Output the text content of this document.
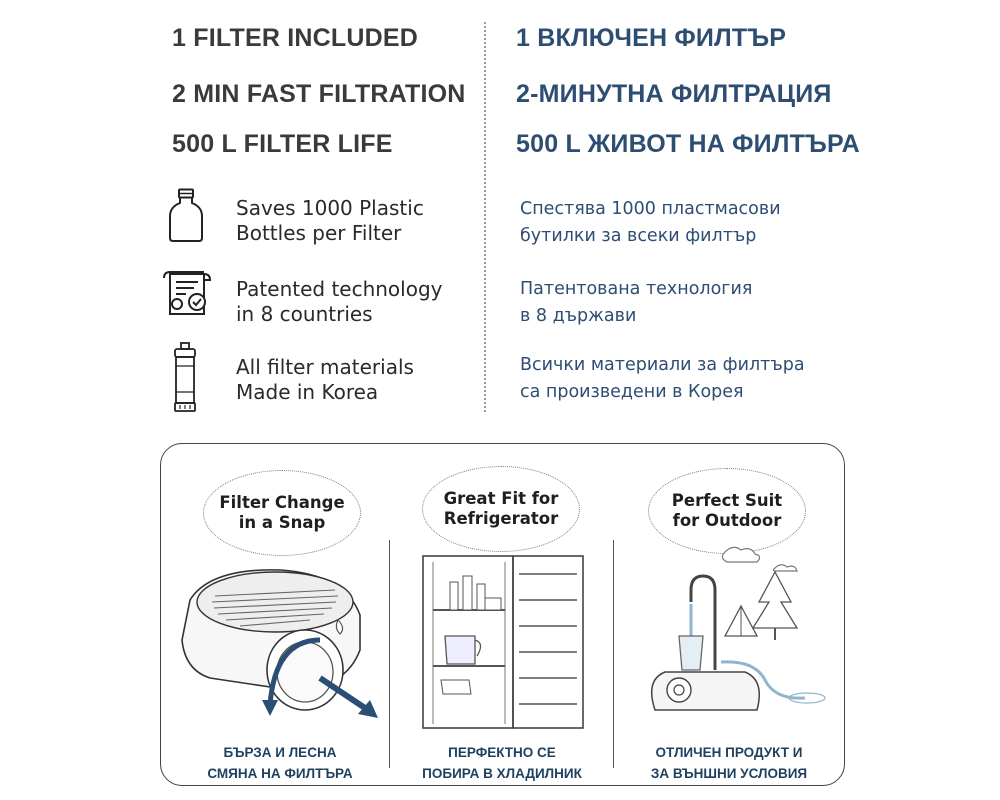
1 FILTER INCLUDED
2 MIN FAST FILTRATION
500 L FILTER LIFE
1 ВКЛЮЧЕН ФИЛТЪР
2-МИНУТНА ФИЛТРАЦИЯ
500 L ЖИВОТ НА ФИЛТЪРА
Saves 1000 Plastic
Bottles per Filter
Спестява 1000 пластмасови
бутилки за всеки филтър
Patented technology
in 8 countries
Патентована технология
в 8 държави
All filter materials
Made in Korea
Всички материали за филтъра
са произведени в Корея
Filter Change
in a Snap
Great Fit for
Refrigerator
Perfect Suit
for Outdoor
БЪРЗА И ЛЕСНА
СМЯНА НА ФИЛТЪРА
ПЕРФЕКТНО СЕ
ПОБИРА В ХЛАДИЛНИК
ОТЛИЧЕН ПРОДУКТ И
ЗА ВЪНШНИ УСЛОВИЯ
